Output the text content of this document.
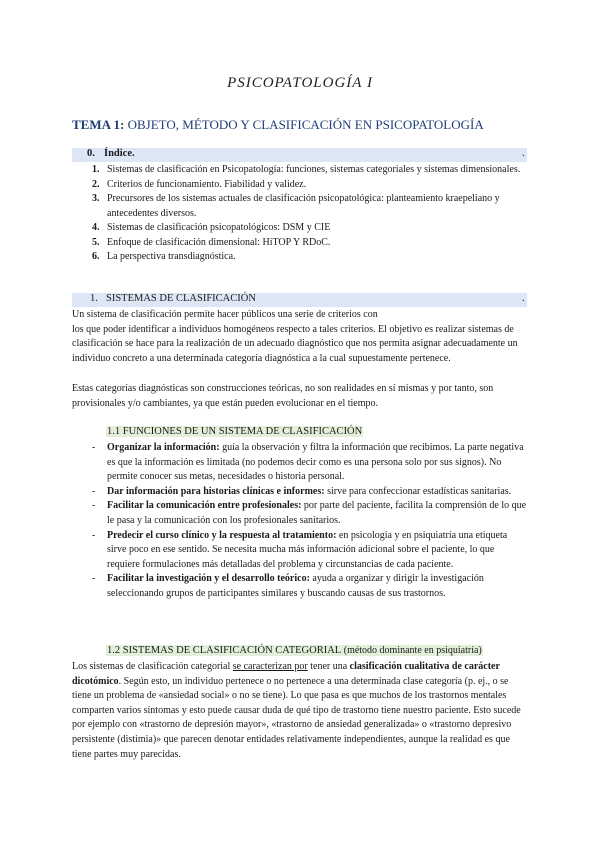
PSICOPATOLOGÍA I
TEMA 1: OBJETO, MÉTODO Y CLASIFICACIÓN EN PSICOPATOLOGÍA
0. Índice.	.
1. Sistemas de clasificación en Psicopatología: funciones, sistemas categoriales y sistemas dimensionales.
2. Criterios de funcionamiento. Fiabilidad y validez.
3. Precursores de los sistemas actuales de clasificación psicopatológica: planteamiento kraepeliano y antecedentes diversos.
4. Sistemas de clasificación psicopatológicos: DSM y CIE
5. Enfoque de clasificación dimensional: HiTOP Y RDoC.
6. La perspectiva transdiagnóstica.
1. SISTEMAS DE CLASIFICACIÓN	.

Un sistema de clasificación permite hacer públicos una serie de criterios con
los que poder identificar a individuos homogéneos respecto a tales criterios. El objetivo es realizar sistemas de clasificación se hace para la realización de un adecuado diagnóstico que nos permita asignar adecuadamente un individuo concreto a una determinada categoría diagnóstica a la cual supuestamente pertenece.

Estas categorías diagnósticas son construcciones teóricas, no son realidades en sí mismas y por tanto, son provisionales y/o cambiantes, ya que están pueden evolucionar en el tiempo.

1.1 FUNCIONES DE UN SISTEMA DE CLASIFICACIÓN
- Organizar la información: guía la observación y filtra la información que recibimos. La parte negativa es que la información es limitada (no podemos decir como es una persona solo por sus signos). No permite conocer sus metas, necesidades o historia personal.
- Dar información para historias clínicas e informes: sirve para confeccionar estadísticas sanitarias.
- Facilitar la comunicación entre profesionales: por parte del paciente, facilita la comprensión de lo que le pasa y la comunicación con los profesionales sanitarios.
- Predecir el curso clínico y la respuesta al tratamiento: en psicología y en psiquiatría una etiqueta sirve poco en ese sentido. Se necesita mucha más información adicional sobre el paciente, lo que requiere formulaciones más detalladas del problema y circunstancias de cada paciente.
- Facilitar la investigación y el desarrollo teórico: ayuda a organizar y dirigir la investigación seleccionando grupos de participantes similares y buscando causas de sus trastornos.
1.2 SISTEMAS DE CLASIFICACIÓN CATEGORIAL (método dominante en psiquiatría)

Los sistemas de clasificación categorial se caracterizan por tener una clasificación cualitativa de carácter dicotómico. Según esto, un individuo pertenece o no pertenece a una determinada clase categoría (p. ej., o se tiene un problema de «ansiedad social» o no se tiene). Lo que pasa es que muchos de los trastornos mentales comparten varios síntomas y esto puede causar duda de qué tipo de trastorno tiene nuestro paciente. Esto sucede por ejemplo con «trastorno de depresión mayor», «trastorno de ansiedad generalizada» o «trastorno depresivo persistente (distimia)» que parecen denotar entidades relativamente independientes, aunque la realidad es que tiene partes muy parecidas.
